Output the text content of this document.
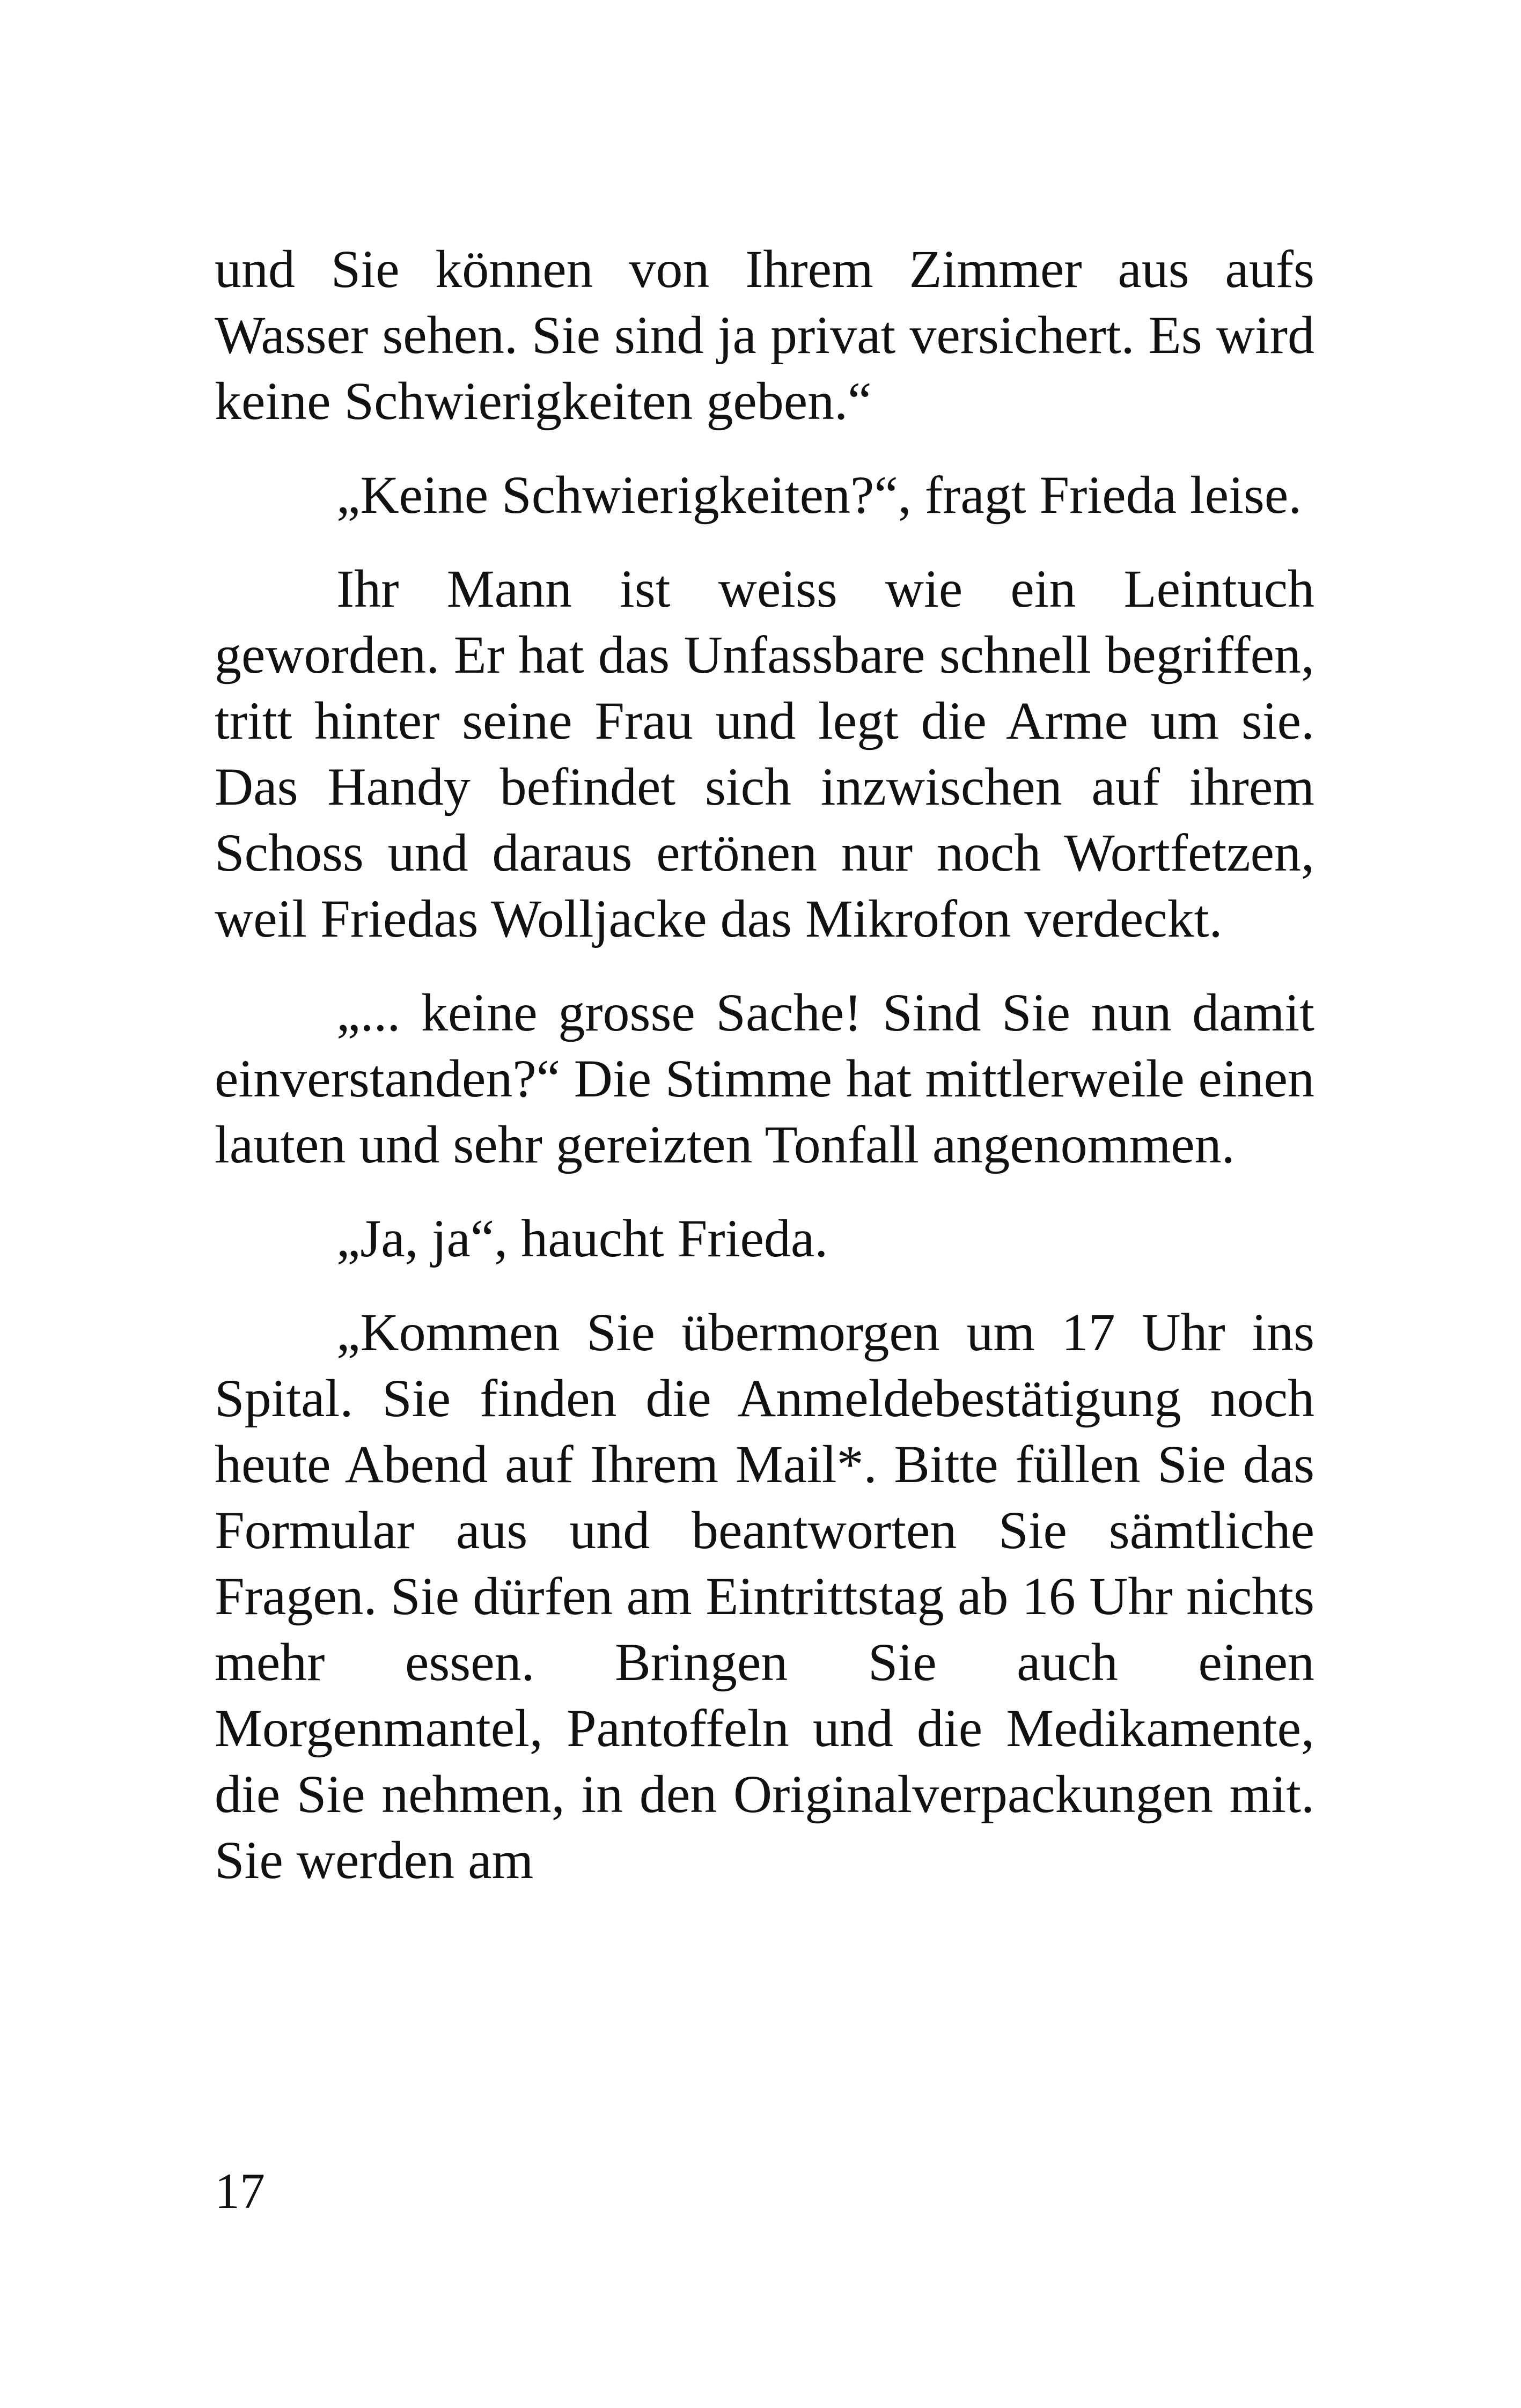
und Sie können von Ihrem Zimmer aus aufs Wasser sehen. Sie sind ja privat versichert. Es wird keine Schwierigkeiten geben.“

„Keine Schwierigkeiten?“, fragt Frieda leise.

Ihr Mann ist weiss wie ein Leintuch geworden. Er hat das Unfassbare schnell begriffen, tritt hinter seine Frau und legt die Arme um sie. Das Handy befindet sich inzwischen auf ihrem Schoss und daraus ertönen nur noch Wortfetzen, weil Friedas Wolljacke das Mikrofon verdeckt.

„... keine grosse Sache! Sind Sie nun damit einverstanden?“ Die Stimme hat mittlerweile einen lauten und sehr gereizten Tonfall angenommen.

„Ja, ja“, haucht Frieda.

„Kommen Sie übermorgen um 17 Uhr ins Spital. Sie finden die Anmeldebestätigung noch heute Abend auf Ihrem Mail*. Bitte füllen Sie das Formular aus und beantworten Sie sämtliche Fragen. Sie dürfen am Eintrittstag ab 16 Uhr nichts mehr essen. Bringen Sie auch einen Morgenmantel, Pantoffeln und die Medikamente, die Sie nehmen, in den Originalverpackungen mit. Sie werden am

17
